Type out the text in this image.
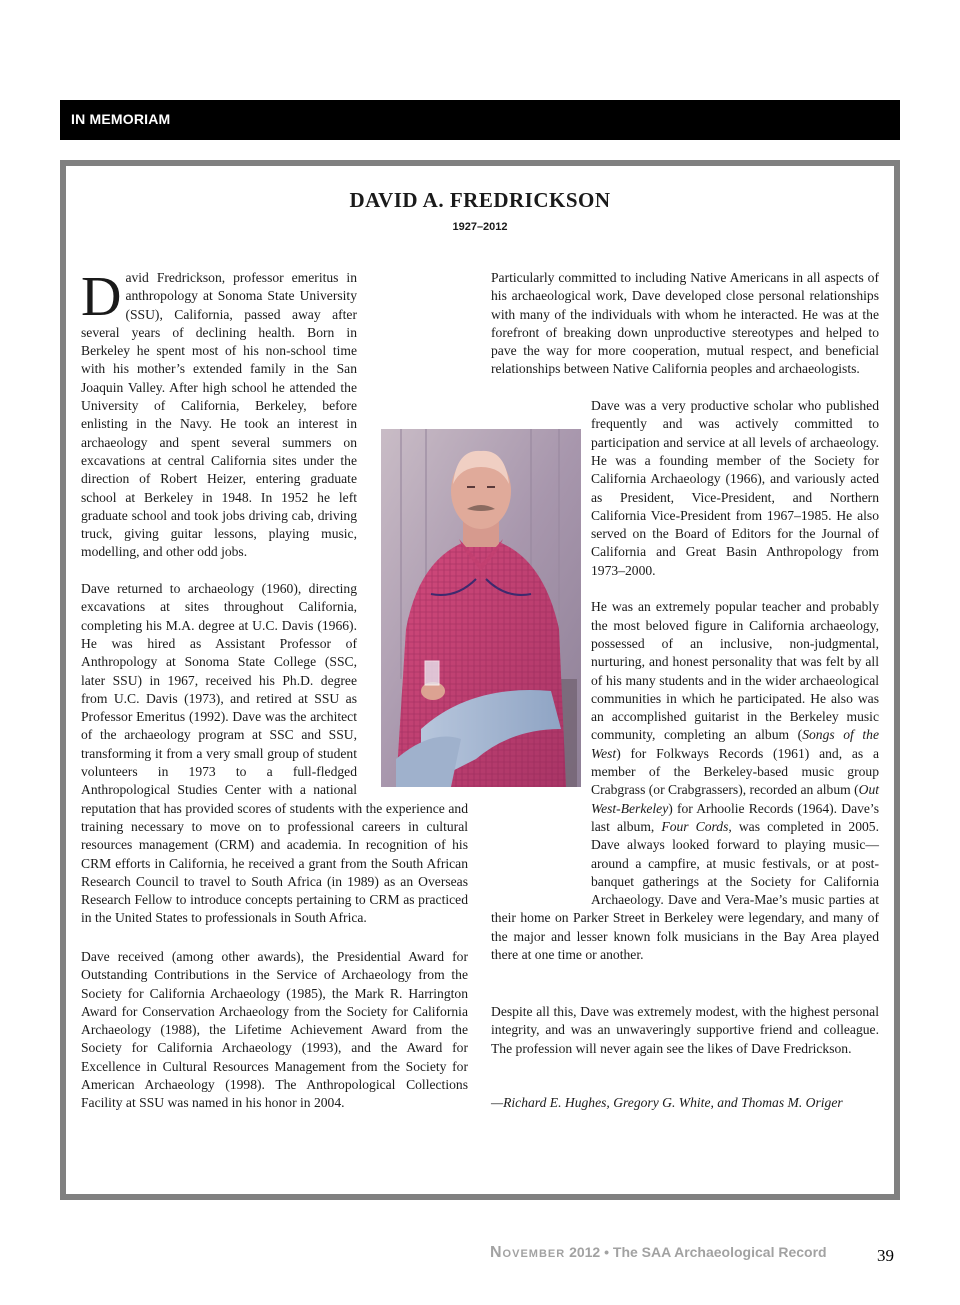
IN MEMORIAM
DAVID A. FREDRICKSON
1927–2012

David Fredrickson, professor emeritus in anthropology at Sonoma State University (SSU), California, passed away after several years of declining health. Born in Berkeley he spent most of his non-school time with his mother’s extended family in the San Joaquin Valley. After high school he attended the University of California, Berkeley, before enlisting in the Navy. He took an interest in archaeology and spent several summers on excavations at central California sites under the direction of Robert Heizer, entering graduate school at Berkeley in 1948. In 1952 he left graduate school and took jobs driving cab, driving truck, giving guitar lessons, playing music, modelling, and other odd jobs.
Dave returned to archaeology (1960), directing excavations at sites throughout California, completing his M.A. degree at U.C. Davis (1966). He was hired as Assistant Professor of Anthropology at Sonoma State College (SSC, later SSU) in 1967, received his Ph.D. degree from U.C. Davis (1973), and retired at SSU as Professor Emeritus (1992). Dave was the architect of the archaeology program at SSC and SSU, transforming it from a very small group of student volunteers in 1973 to a full-fledged Anthropological Studies Center with a national reputation that has provided scores of students with the experience and training necessary to move on to professional careers in cultural resources management (CRM) and academia. In recognition of his CRM efforts in California, he received a grant from the South African Research Council to travel to South Africa (in 1989) as an Overseas Research Fellow to introduce concepts pertaining to CRM as practiced in the United States to professionals in South Africa.

Dave received (among other awards), the Presidential Award for Outstanding Contributions in the Service of Archaeology from the Society for California Archaeology (1985), the Mark R. Harrington Award for Conservation Archaeology from the Society for California Archaeology (1988), the Lifetime Achievement Award from the Society for California Archaeology (1993), and the Award for Excellence in Cultural Resources Management from the Society for American Archaeology (1998). The Anthropological Collections Facility at SSU was named in his honor in 2004.

Particularly committed to including Native Americans in all aspects of his archaeological work, Dave developed close personal relationships with many of the individuals with whom he interacted. He was at the forefront of breaking down unproductive stereotypes and helped to pave the way for more cooperation, mutual respect, and beneficial relationships between Native California peoples and archaeologists.
Dave was a very productive scholar who published frequently and was actively committed to participation and service at all levels of archaeology. He was a founding member of the Society for California Archaeology (1966), and variously acted as President, Vice-President, and Northern California Vice-President from 1967–1985. He also served on the Board of Editors for the Journal of California and Great Basin Anthropology from 1973–2000.
He was an extremely popular teacher and probably the most beloved figure in California archaeology, possessed of an inclusive, non-judgmental, nurturing, and honest personality that was felt by all of his many students and in the wider archaeological communities in which he participated. He also was an accomplished guitarist in the Berkeley music community, completing an album (Songs of the West) for Folkways Records (1961) and, as a member of the Berkeley-based music group Crabgrass (or Crabgrassers), recorded an album (Out West-Berkeley) for Arhoolie Records (1964). Dave’s last album, Four Cords, was completed in 2005. Dave always looked forward to playing music—around a campfire, at music festivals, or at post-banquet gatherings at the Society for California Archaeology. Dave and Vera-Mae’s music parties at their home on Parker Street in Berkeley were legendary, and many of the major and lesser known folk musicians in the Bay Area played there at one time or another.

Despite all this, Dave was extremely modest, with the highest personal integrity, and was an unwaveringly supportive friend and colleague. The profession will never again see the likes of Dave Fredrickson.

—Richard E. Hughes, Gregory G. White, and Thomas M. Origer
November 2012 • The SAA Archaeological Record	39
